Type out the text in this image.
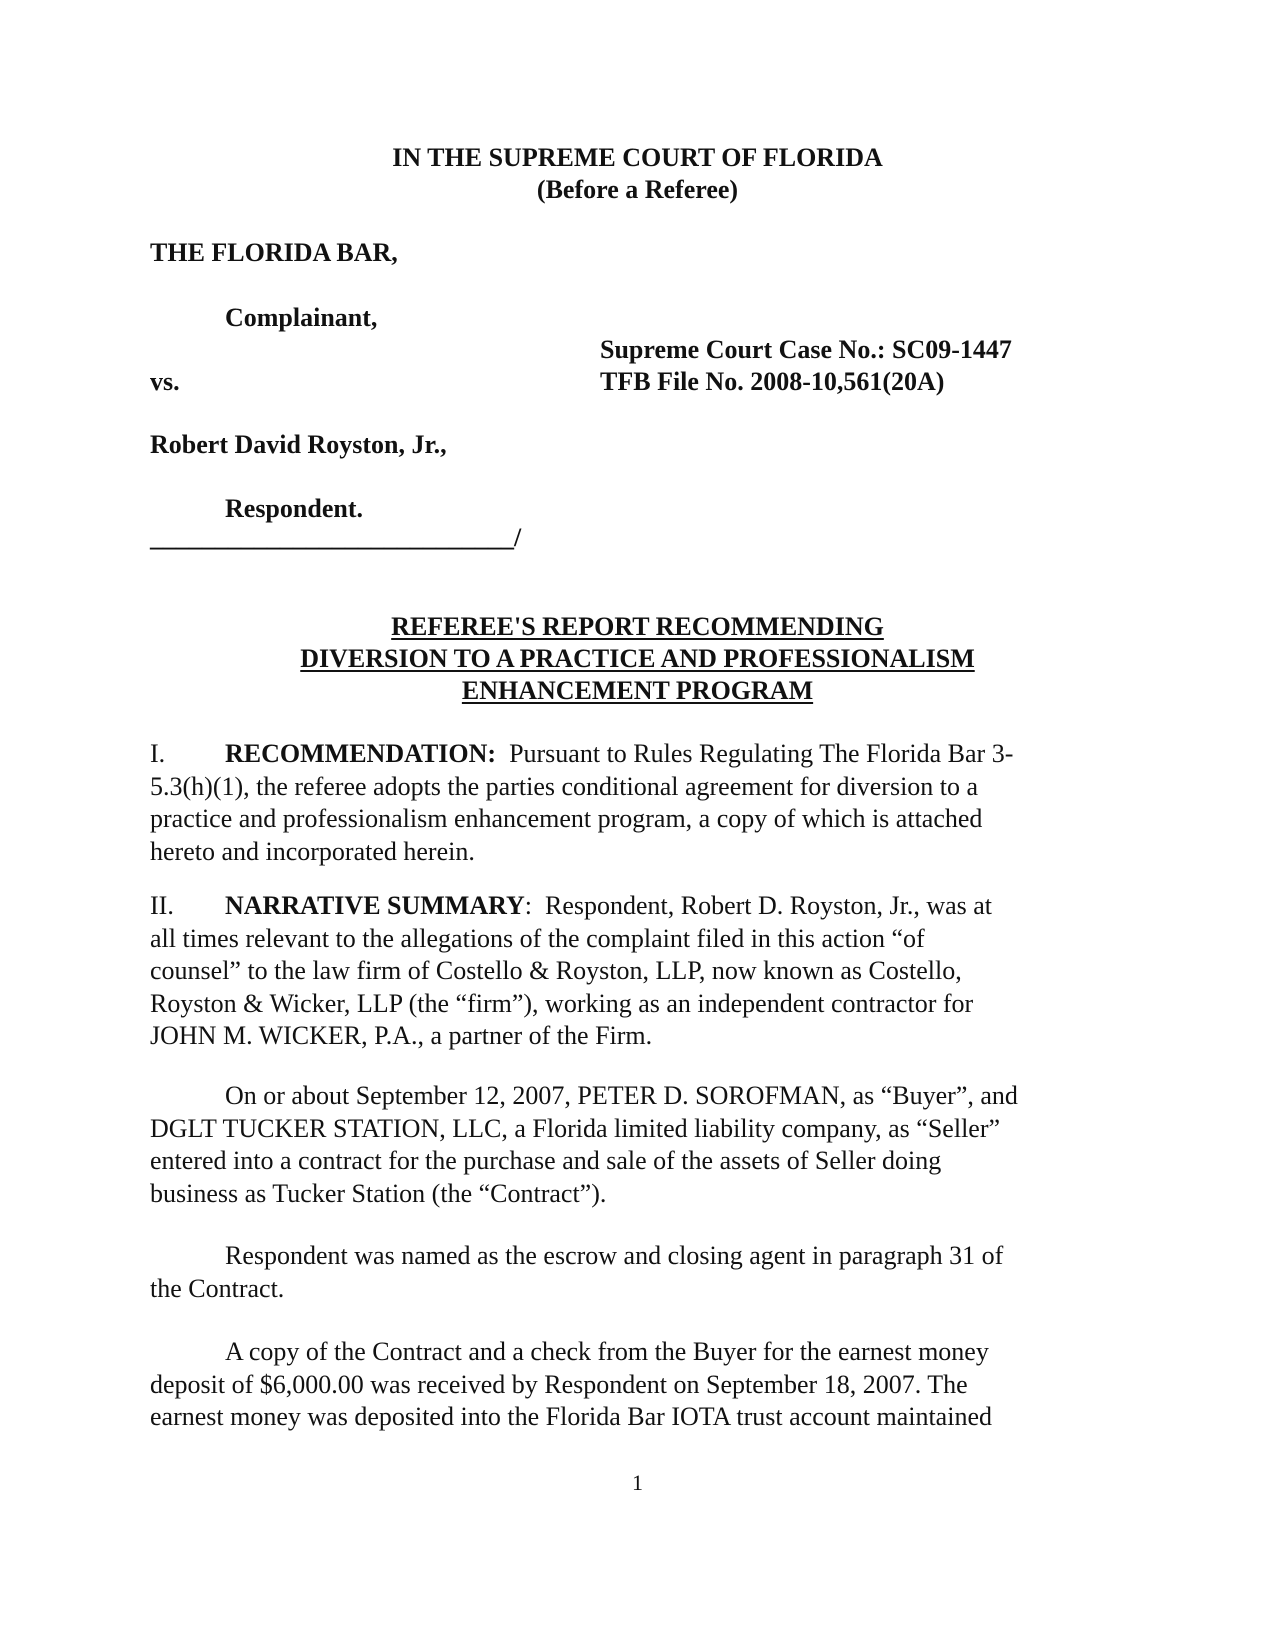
IN THE SUPREME COURT OF FLORIDA
(Before a Referee)
THE FLORIDA BAR,
Complainant,
Supreme Court Case No.: SC09-1447
vs.	TFB File No. 2008-10,561(20A)
Robert David Royston, Jr.,
Respondent.
____________________________/
REFEREE'S REPORT RECOMMENDING
DIVERSION TO A PRACTICE AND PROFESSIONALISM
ENHANCEMENT PROGRAM
I. RECOMMENDATION:  Pursuant to Rules Regulating The Florida Bar 3-
5.3(h)(1), the referee adopts the parties conditional agreement for diversion to a
practice and professionalism enhancement program, a copy of which is attached
hereto and incorporated herein.
II. NARRATIVE SUMMARY:  Respondent, Robert D. Royston, Jr., was at
all times relevant to the allegations of the complaint filed in this action “of
counsel” to the law firm of Costello & Royston, LLP, now known as Costello,
Royston & Wicker, LLP (the “firm”), working as an independent contractor for
JOHN M. WICKER, P.A., a partner of the Firm.
On or about September 12, 2007, PETER D. SOROFMAN, as “Buyer”, and
DGLT TUCKER STATION, LLC, a Florida limited liability company, as “Seller”
entered into a contract for the purchase and sale of the assets of Seller doing
business as Tucker Station (the “Contract”).
Respondent was named as the escrow and closing agent in paragraph 31 of
the Contract.
A copy of the Contract and a check from the Buyer for the earnest money
deposit of $6,000.00 was received by Respondent on September 18, 2007. The
earnest money was deposited into the Florida Bar IOTA trust account maintained
1
